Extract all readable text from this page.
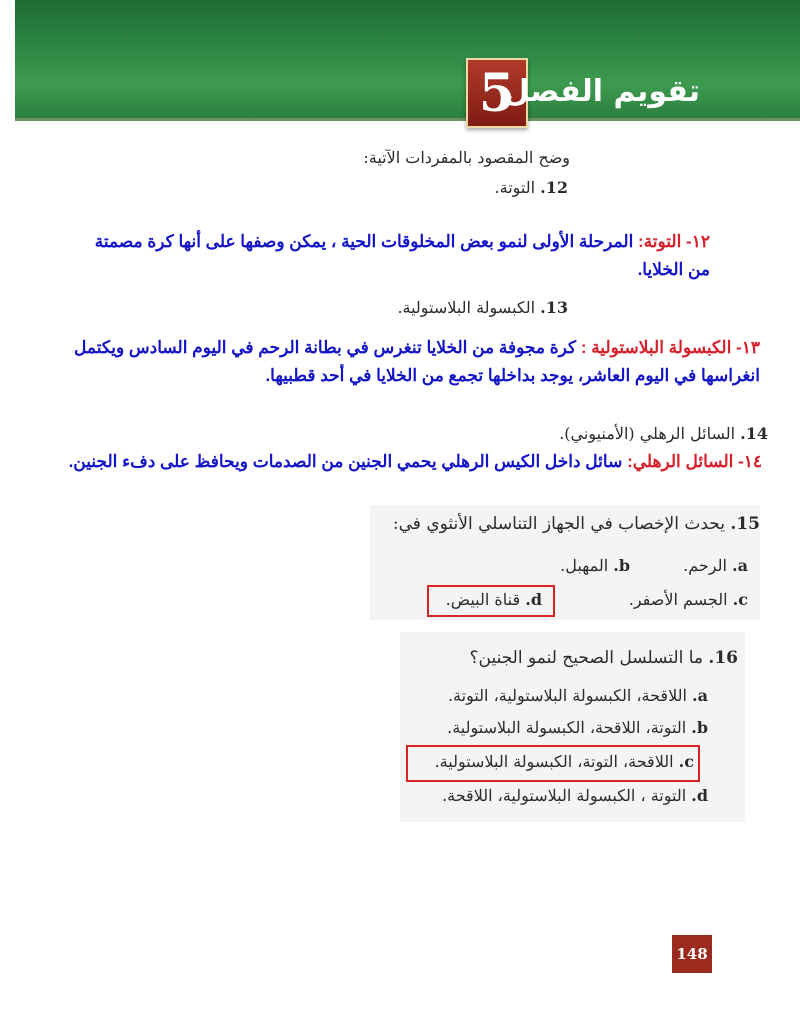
5
تقويم الفصل
وضح المقصود بالمفردات الآتية:
12. التوتة.
١٢- التوتة: المرحلة الأولى لنمو بعض المخلوقات الحية ، يمكن وصفها على أنها كرة مصمتة من الخلايا.
13. الكبسولة البلاستولية.
١٣- الكبسولة البلاستولية : كرة مجوفة من الخلايا تنغرس في بطانة الرحم في اليوم السادس ويكتمل انغراسها في اليوم العاشر، يوجد بداخلها تجمع من الخلايا في أحد قطبيها.
14. السائل الرهلي (الأمنيوني).
١٤- السائل الرهلي: سائل داخل الكيس الرهلي يحمي الجنين من الصدمات ويحافظ على دفء الجنين.
15. يحدث الإخصاب في الجهاز التناسلي الأنثوي في:
a. الرحم.
b. المهبل.
c. الجسم الأصفر.
d. قناة البيض.
16. ما التسلسل الصحيح لنمو الجنين؟
a. اللاقحة، الكبسولة البلاستولية، التوتة.
b. التوتة، اللاقحة، الكبسولة البلاستولية.
c. اللاقحة، التوتة، الكبسولة البلاستولية.
d. التوتة ، الكبسولة البلاستولية، اللاقحة.
148
